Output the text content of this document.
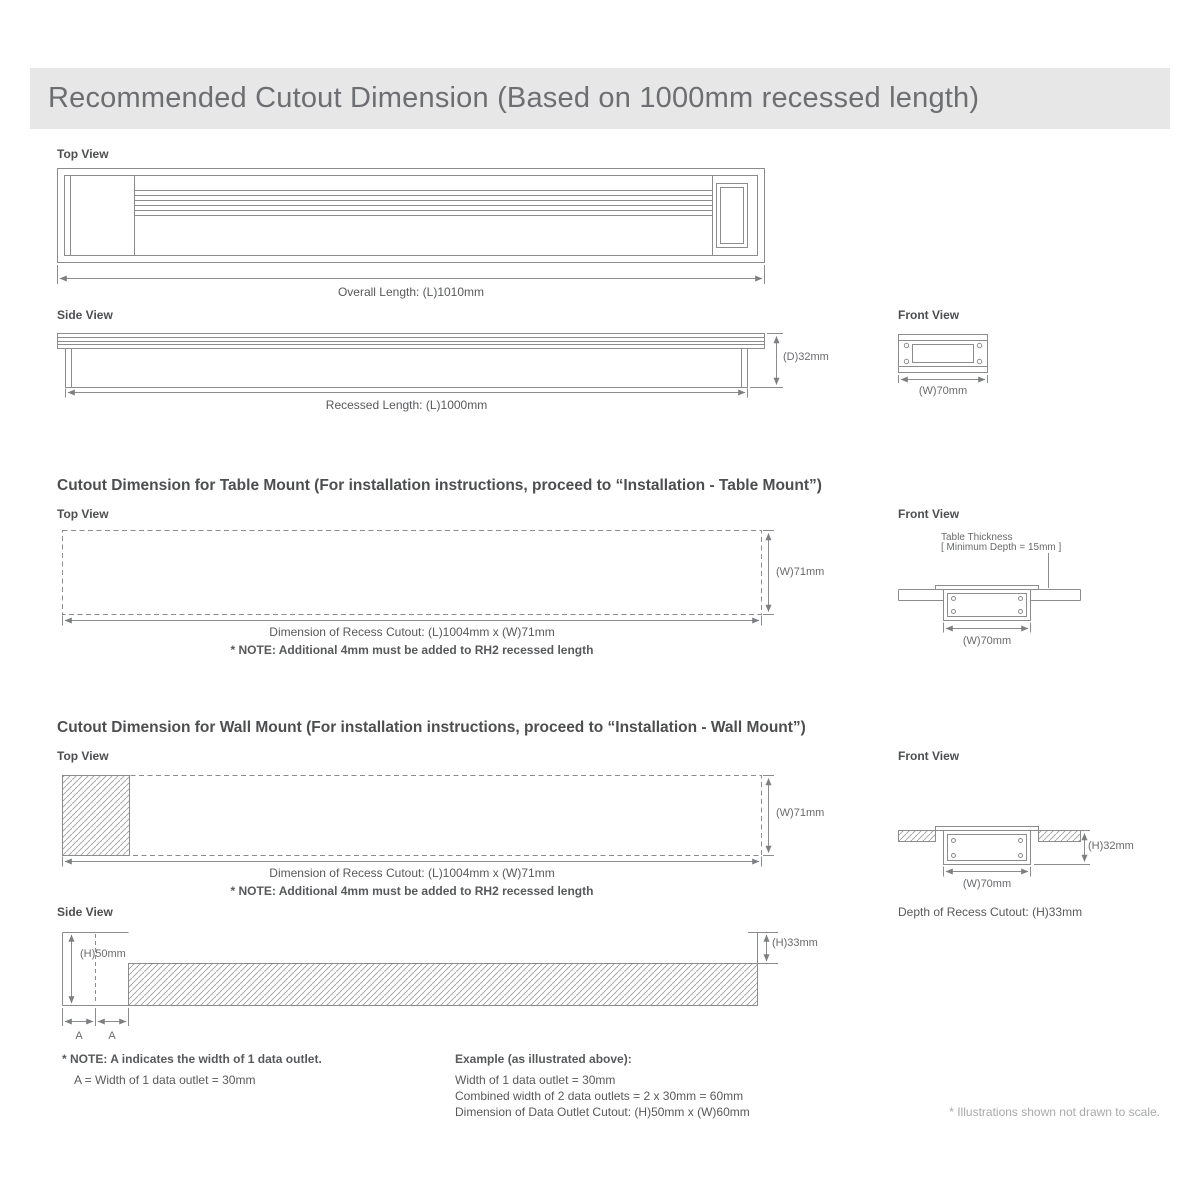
Recommended Cutout Dimension (Based on 1000mm recessed length)
Top View
Overall Length: (L)1010mm
Side View
(D)32mm
Recessed Length: (L)1000mm
Front View
(W)70mm
Cutout Dimension for Table Mount (For installation instructions, proceed to “Installation - Table Mount”)
Top View
(W)71mm
Dimension of Recess Cutout: (L)1004mm x (W)71mm
* NOTE: Additional 4mm must be added to RH2 recessed length
Front View
Table Thickness
[ Minimum Depth = 15mm ]
(W)70mm
Cutout Dimension for Wall Mount (For installation instructions, proceed to “Installation - Wall Mount”)
Top View
(W)71mm
Dimension of Recess Cutout: (L)1004mm x (W)71mm
* NOTE: Additional 4mm must be added to RH2 recessed length
Front View
(H)32mm
(W)70mm
Depth of Recess Cutout: (H)33mm
Side View
(H)50mm
(H)33mm
A	A
* NOTE: A indicates the width of 1 data outlet.
A = Width of 1 data outlet = 30mm
Example (as illustrated above):
Width of 1 data outlet = 30mm
Combined width of 2 data outlets = 2 x 30mm = 60mm
Dimension of Data Outlet Cutout: (H)50mm x (W)60mm	* Illustrations shown not drawn to scale.
